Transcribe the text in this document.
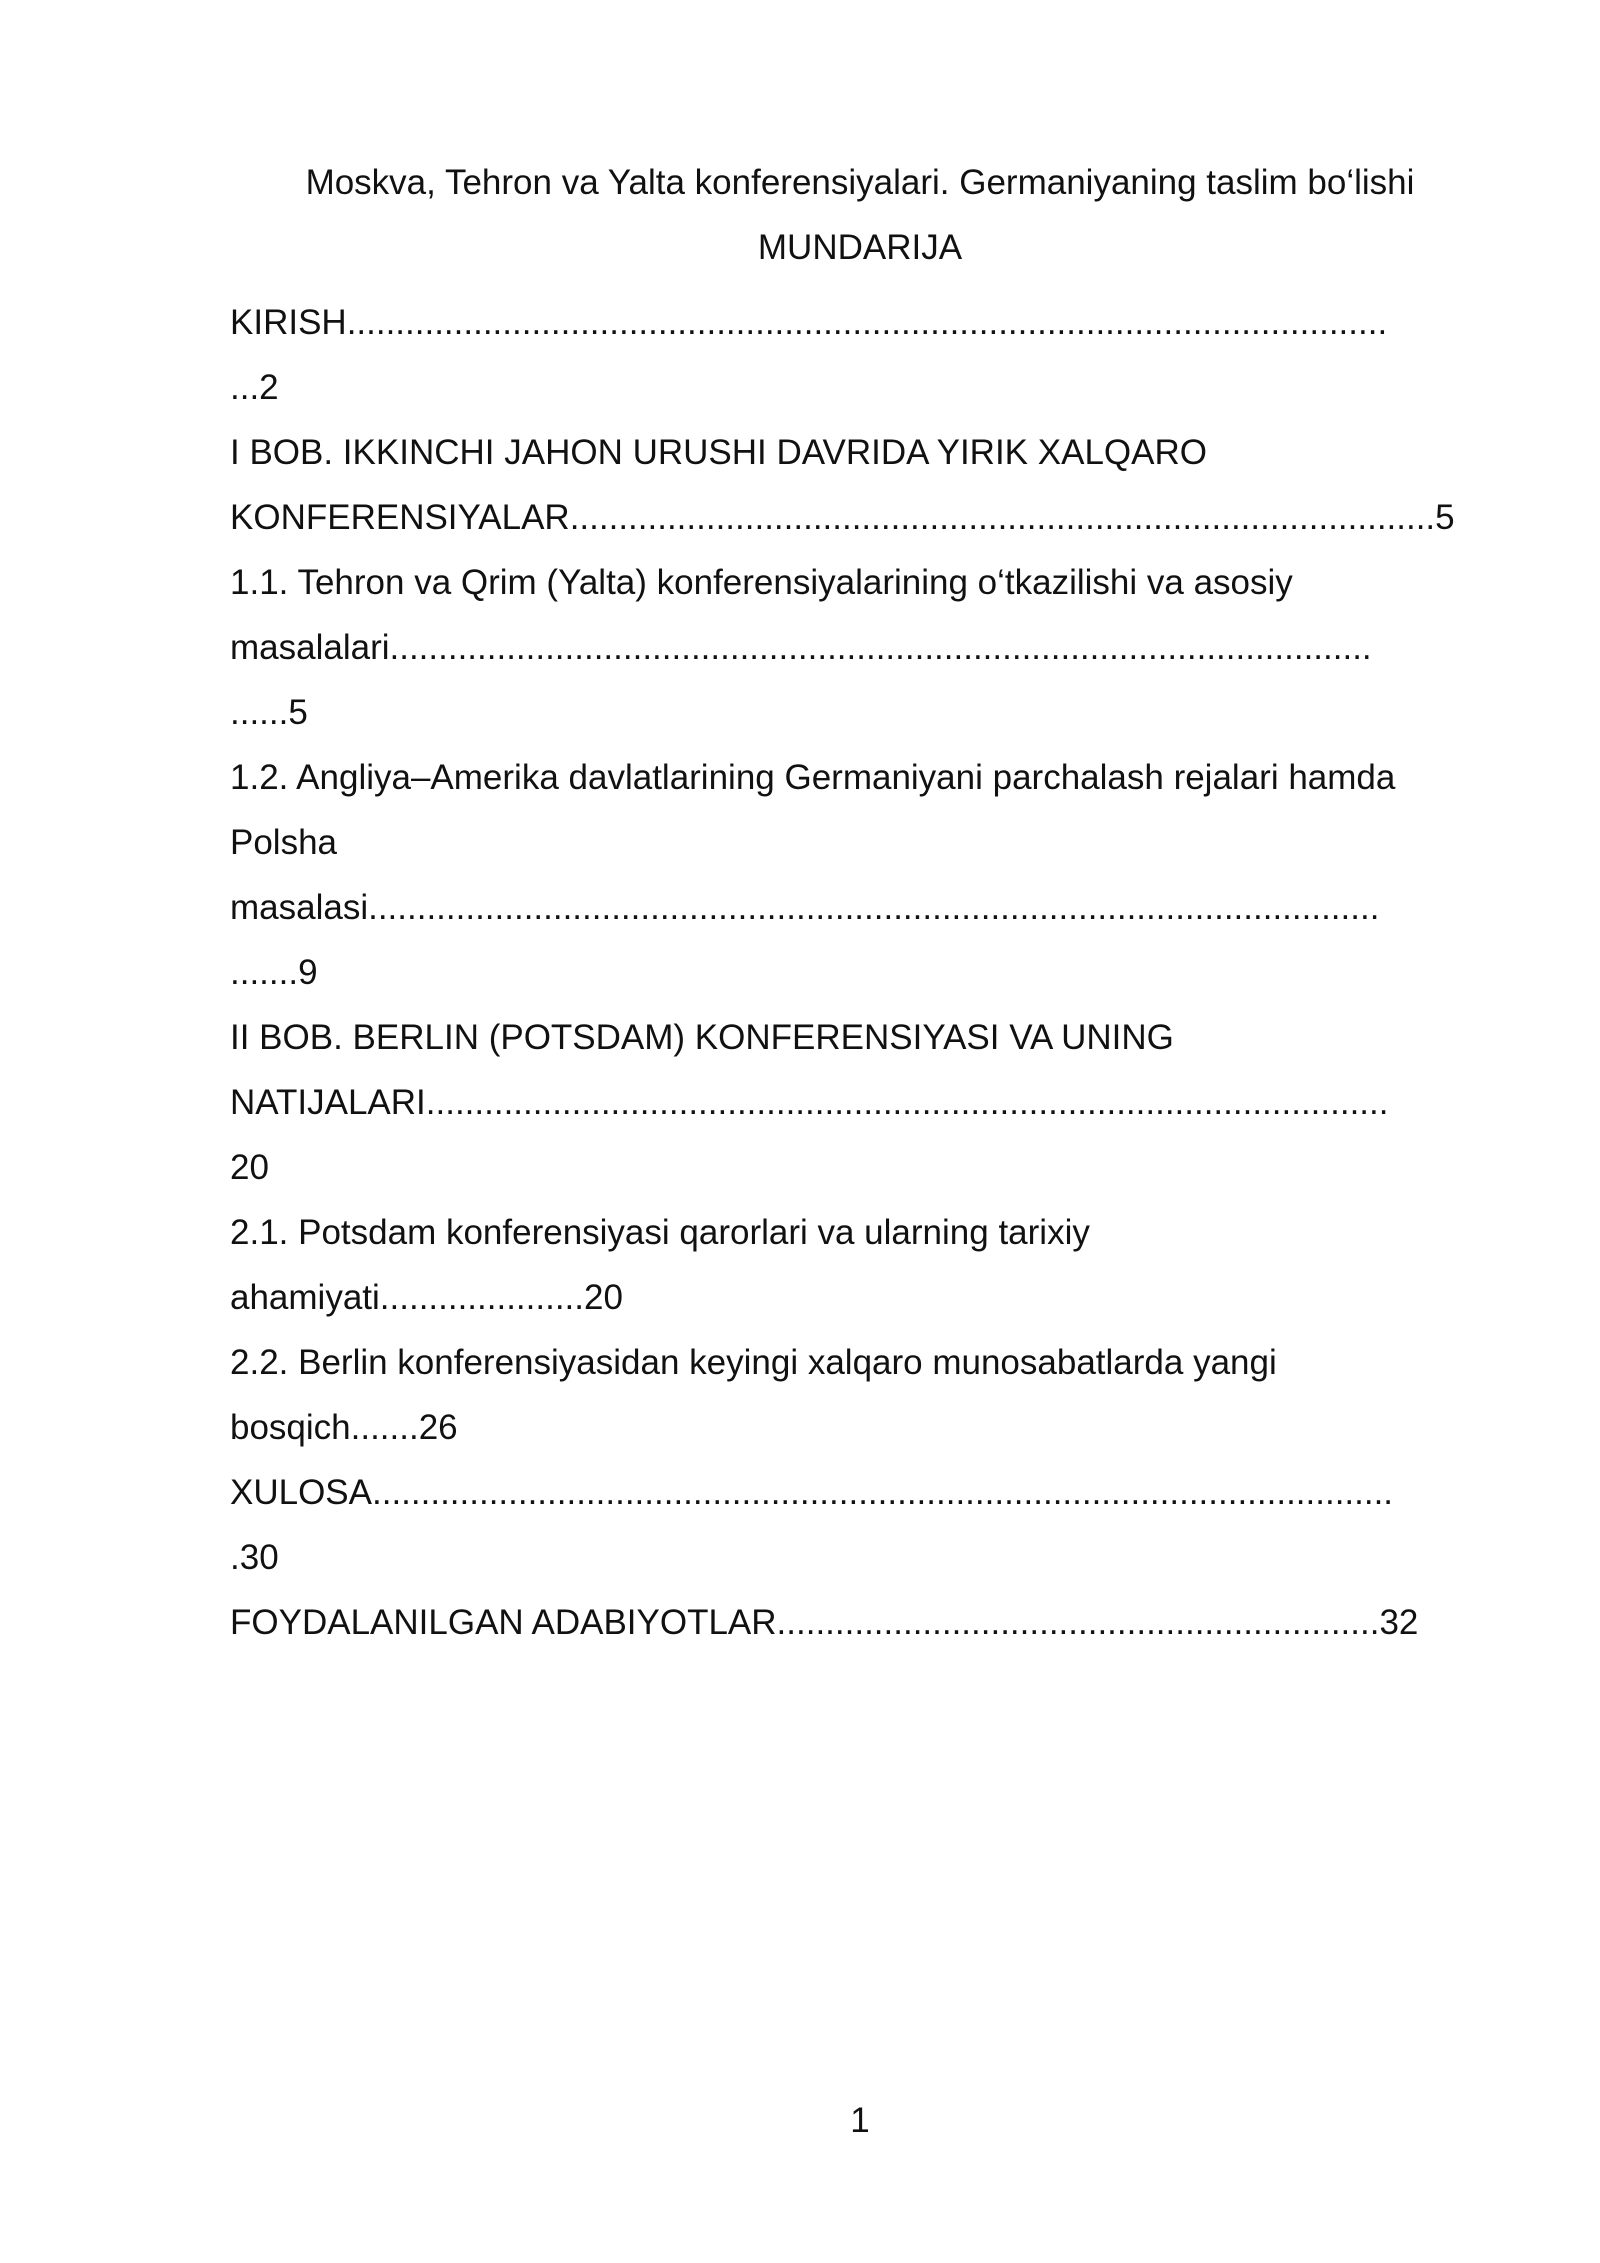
Moskva, Tehron va Yalta konferensiyalari. Germaniyaning taslim bo‘lishi
MUNDARIJA
KIRISH...........................................................................................................
...2
I BOB. IKKINCHI JAHON URUSHI DAVRIDA YIRIK XALQARO
KONFERENSIYALAR.........................................................................................5
1.1. Tehron va Qrim (Yalta) konferensiyalarining o‘tkazilishi va asosiy
masalalari.....................................................................................................
......5
1.2. Angliya–Amerika davlatlarining Germaniyani parchalash rejalari hamda
Polsha
masalasi........................................................................................................
.......9
II BOB. BERLIN (POTSDAM) KONFERENSIYASI VA UNING
NATIJALARI...................................................................................................
20
2.1. Potsdam konferensiyasi qarorlari va ularning tarixiy
ahamiyati.....................20
2.2. Berlin konferensiyasidan keyingi xalqaro munosabatlarda yangi
bosqich.......26
XULOSA.........................................................................................................
.30
FOYDALANILGAN ADABIYOTLAR..............................................................32
1
